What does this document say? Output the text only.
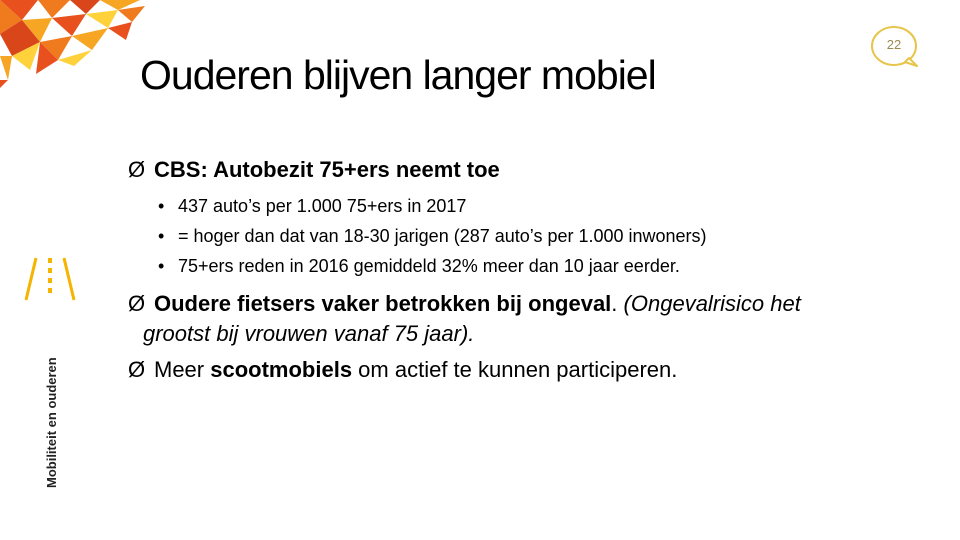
22
Ouderen blijven langer mobiel
Mobiliteit en ouderen

Ø CBS: Autobezit 75+ers neemt toe

• 437 auto’s per 1.000 75+ers in 2017
• = hoger dan dat van 18-30 jarigen (287 auto’s per 1.000 inwoners)
• 75+ers reden in 2016 gemiddeld 32% meer dan 10 jaar eerder.

Ø Oudere fietsers vaker betrokken bij ongeval. (Ongevalrisico het

grootst bij vrouwen vanaf 75 jaar).

Ø Meer scootmobiels om actief te kunnen participeren.
